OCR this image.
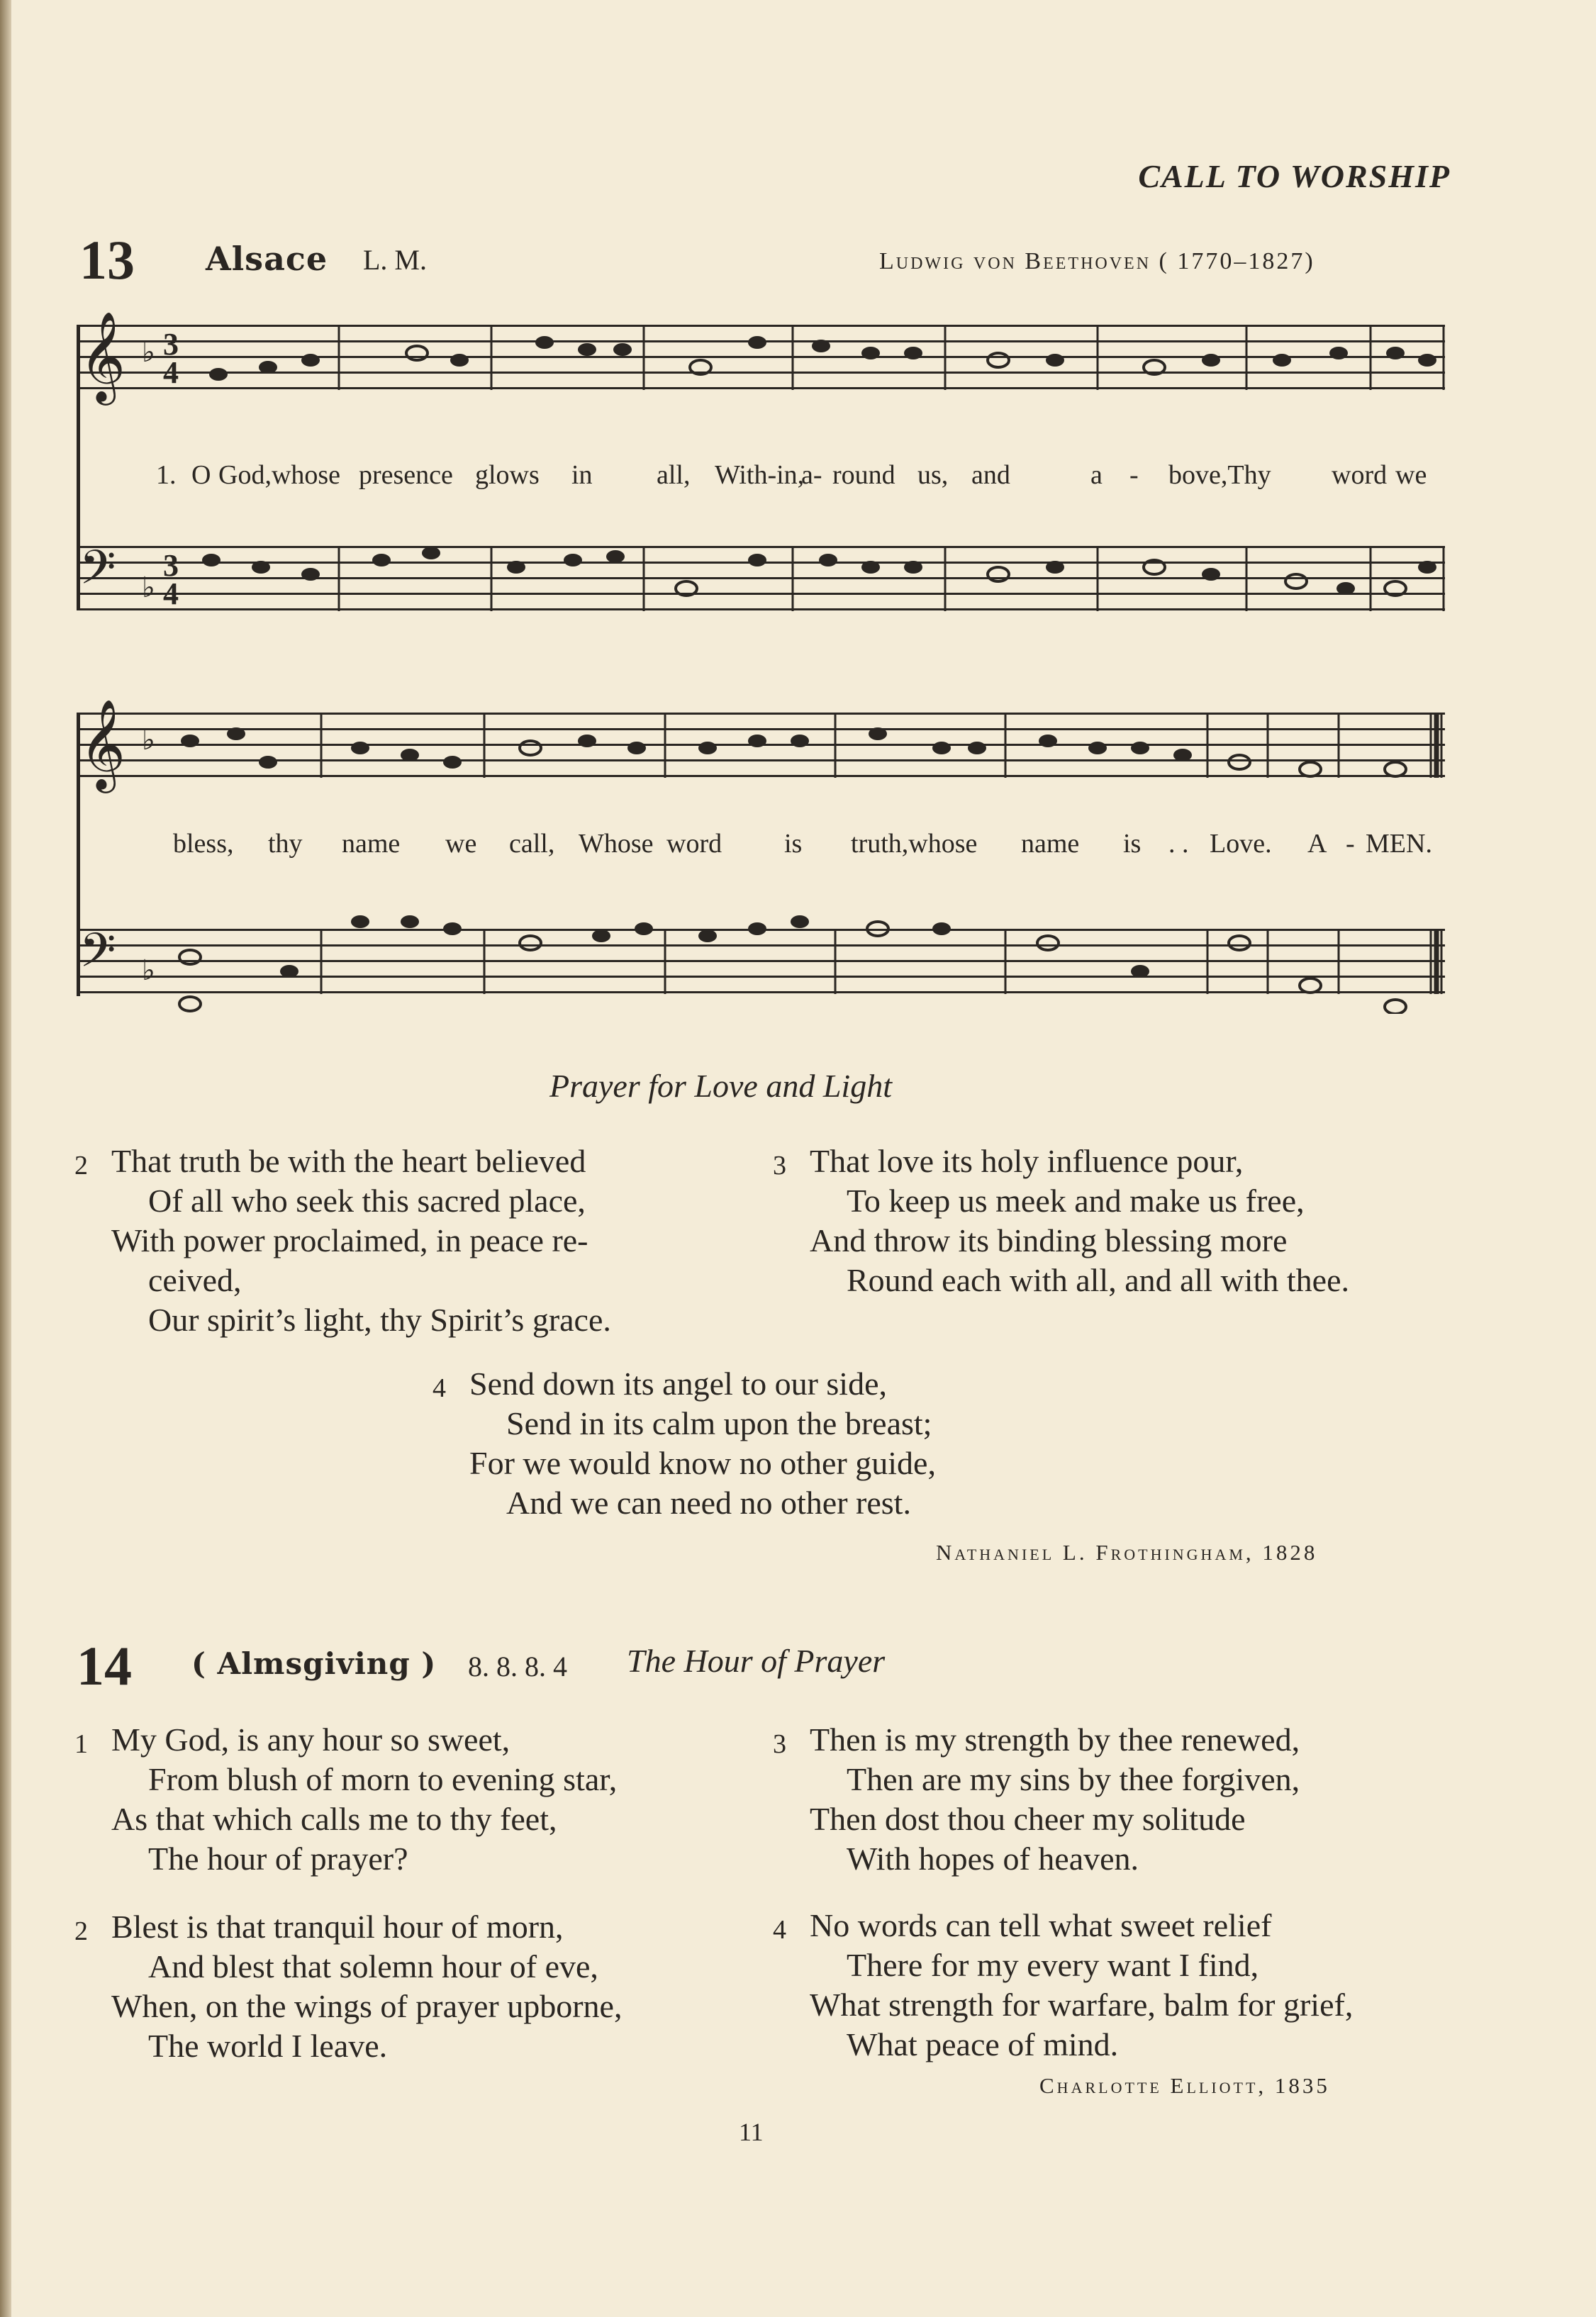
CALL TO WORSHIP
13 Alsace L. M.	Ludwig von Beethoven ( 1770–1827)
𝄞 ♭ 3
4
1. O God,whose presence glows in all, With-in,
a- round us, and	a - bove,Thy word we
𝄢 ♭
3
4
𝄞 ♭
bless, thy name we call, Whose word is truth,whose name is . . Love. A - MEN.
𝄢 ♭
Prayer for Love and Light
2 That truth be with the heart believed
Of all who seek this sacred place,
With power proclaimed, in peace re-
ceived,
Our spirit’s light, thy Spirit’s grace.
3 That love its holy influence pour,
To keep us meek and make us free,
And throw its binding blessing more
Round each with all, and all with thee.
4 Send down its angel to our side,
Send in its calm upon the breast;
For we would know no other guide,
And we can need no other rest.
Nathaniel L. Frothingham, 1828
14 ( Almsgiving ) 8. 8. 8. 4 The Hour of Prayer
1 My God, is any hour so sweet,
From blush of morn to evening star,
As that which calls me to thy feet,
The hour of prayer?
2 Blest is that tranquil hour of morn,
And blest that solemn hour of eve,
When, on the wings of prayer upborne,
The world I leave.
3 Then is my strength by thee renewed,
Then are my sins by thee forgiven,
Then dost thou cheer my solitude
With hopes of heaven.
4 No words can tell what sweet relief
There for my every want I find,
What strength for warfare, balm for grief,
What peace of mind.
Charlotte Elliott, 1835
11
